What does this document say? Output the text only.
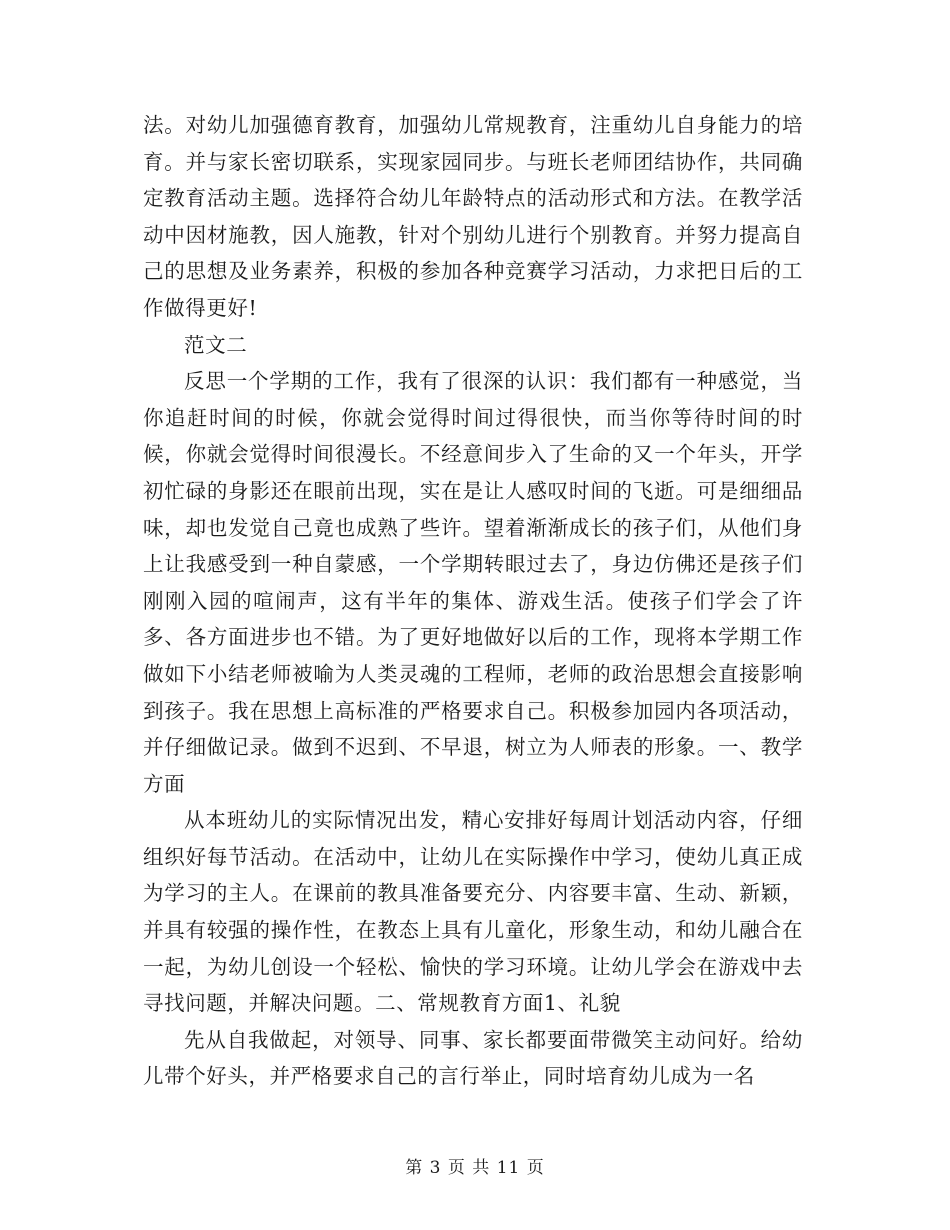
法。对幼儿加强德育教育，加强幼儿常规教育，注重幼儿自身能力的培育。并与家长密切联系，实现家园同步。与班长老师团结协作，共同确定教育活动主题。选择符合幼儿年龄特点的活动形式和方法。在教学活动中因材施教，因人施教，针对个别幼儿进行个别教育。并努力提高自己的思想及业务素养，积极的参加各种竞赛学习活动，力求把日后的工作做得更好!

范文二

反思一个学期的工作，我有了很深的认识：我们都有一种感觉，当你追赶时间的时候，你就会觉得时间过得很快，而当你等待时间的时候，你就会觉得时间很漫长。不经意间步入了生命的又一个年头，开学初忙碌的身影还在眼前出现，实在是让人感叹时间的飞逝。可是细细品味，却也发觉自己竟也成熟了些许。望着渐渐成长的孩子们，从他们身上让我感受到一种自蒙感，一个学期转眼过去了，身边仿佛还是孩子们刚刚入园的喧闹声，这有半年的集体、游戏生活。使孩子们学会了许多、各方面进步也不错。为了更好地做好以后的工作，现将本学期工作做如下小结老师被喻为人类灵魂的工程师，老师的政治思想会直接影响到孩子。我在思想上高标准的严格要求自己。积极参加园内各项活动，并仔细做记录。做到不迟到、不早退，树立为人师表的形象。一、教学方面

从本班幼儿的实际情况出发，精心安排好每周计划活动内容，仔细组织好每节活动。在活动中，让幼儿在实际操作中学习，使幼儿真正成为学习的主人。在课前的教具准备要充分、内容要丰富、生动、新颖，并具有较强的操作性，在教态上具有儿童化，形象生动，和幼儿融合在一起，为幼儿创设一个轻松、愉快的学习环境。让幼儿学会在游戏中去寻找问题，并解决问题。二、常规教育方面1、礼貌

先从自我做起，对领导、同事、家长都要面带微笑主动问好。给幼儿带个好头，并严格要求自己的言行举止，同时培育幼儿成为一名

第 3 页 共 11 页
